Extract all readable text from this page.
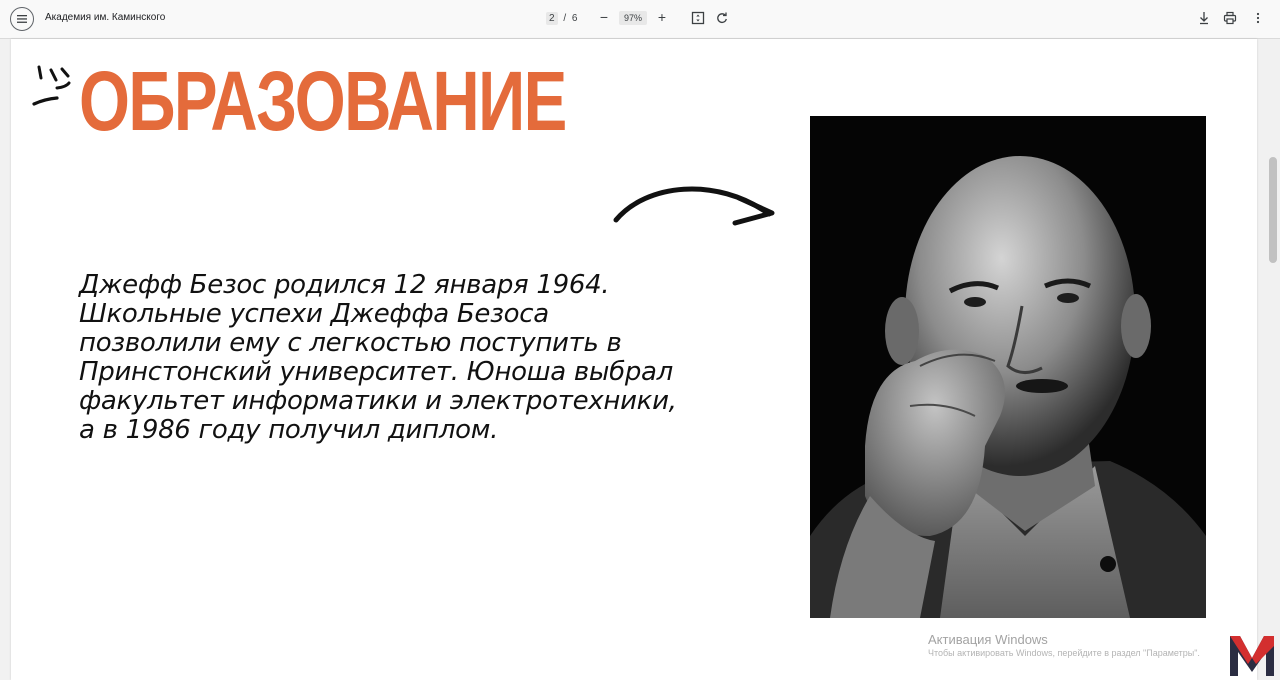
Академия им. Каминского	2 / 6 −	97%	+
ОБРАЗОВАНИЕ

Джефф Безос родился 12 января 1964. Школьные успехи Джеффа Безоса позволили ему с легкостью поступить в Принстонский университет. Юноша выбрал факультет информатики и электротехники, а в 1986 году получил диплом.

Активация Windows
Чтобы активировать Windows, перейдите в раздел "Параметры".
